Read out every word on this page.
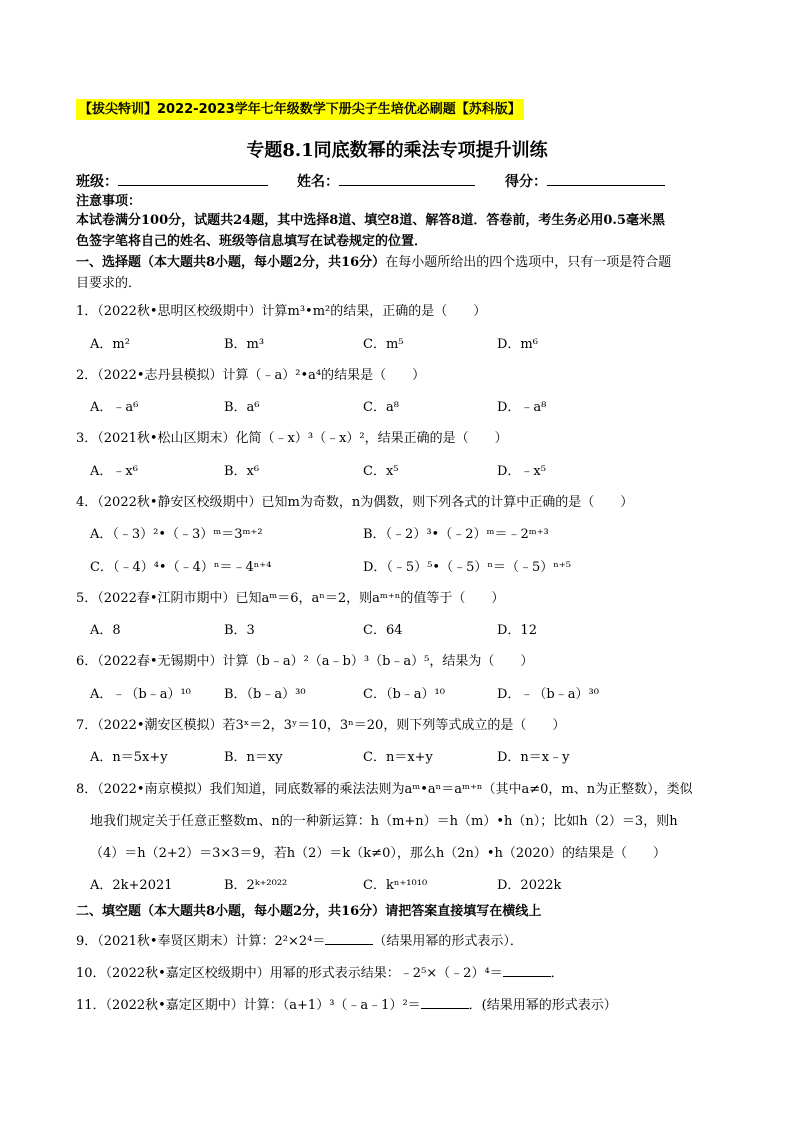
【拔尖特训】2022-2023学年七年级数学下册尖子生培优必刷题【苏科版】
专题8.1同底数幂的乘法专项提升训练
班级：	姓名：	得分：
注意事项：
本试卷满分100分，试题共24题，其中选择8道、填空8道、解答8道．答卷前，考生务必用0.5毫米黑
色签字笔将自己的姓名、班级等信息填写在试卷规定的位置．
一、选择题（本大题共8小题，每小题2分，共16分）在每小题所给出的四个选项中，只有一项是符合题
目要求的．
1．（2022秋•思明区校级期中）计算m³•m²的结果，正确的是（　　）
A．m²	B．m³	C．m⁵	D．m⁶
2．（2022•志丹县模拟）计算（﹣a）²•a⁴的结果是（　　）
A．﹣a⁶	B．a⁶	C．a⁸	D．﹣a⁸
3．（2021秋•松山区期末）化简（﹣x）³（﹣x）²，结果正确的是（　　）
A．﹣x⁶	B．x⁶	C．x⁵	D．﹣x⁵
4．（2022秋•静安区校级期中）已知m为奇数，n为偶数，则下列各式的计算中正确的是（　　）
A．（﹣3）²•（﹣3）ᵐ＝3ᵐ⁺²	B．（﹣2）³•（﹣2）ᵐ＝﹣2ᵐ⁺³
C．（﹣4）⁴•（﹣4）ⁿ＝﹣4ⁿ⁺⁴	D．（﹣5）⁵•（﹣5）ⁿ＝（﹣5）ⁿ⁺⁵
5．（2022春•江阴市期中）已知aᵐ＝6，aⁿ＝2，则aᵐ⁺ⁿ的值等于（　　）
A．8	B．3	C．64	D．12
6．（2022春•无锡期中）计算（b﹣a）²（a﹣b）³（b﹣a）⁵，结果为（　　）
A．﹣（b﹣a）¹⁰	B．（b﹣a）³⁰	C．（b﹣a）¹⁰	D．﹣（b﹣a）³⁰
7．（2022•潮安区模拟）若3ˣ＝2，3ʸ＝10，3ⁿ＝20，则下列等式成立的是（　　）
A．n＝5x+y	B．n＝xy	C．n＝x+y	D．n＝x﹣y
8．（2022•南京模拟）我们知道，同底数幂的乘法法则为aᵐ•aⁿ＝aᵐ⁺ⁿ（其中a≠0，m、n为正整数），类似
地我们规定关于任意正整数m、n的一种新运算：h（m+n）＝h（m）•h（n）；比如h（2）＝3，则h
（4）＝h（2+2）＝3×3＝9，若h（2）＝k（k≠0），那么h（2n）•h（2020）的结果是（　　）
A．2k+2021	B．2ᵏ⁺²⁰²²	C．kⁿ⁺¹⁰¹⁰	D．2022k
二、填空题（本大题共8小题，每小题2分，共16分）请把答案直接填写在横线上
9．（2021秋•奉贤区期末）计算：2²×2⁴＝	（结果用幂的形式表示）．
10．（2022秋•嘉定区校级期中）用幂的形式表示结果：﹣2⁵×（﹣2）⁴＝	．
11．（2022秋•嘉定区期中）计算：（a+1）³（﹣a﹣1）²＝	．(结果用幂的形式表示）
